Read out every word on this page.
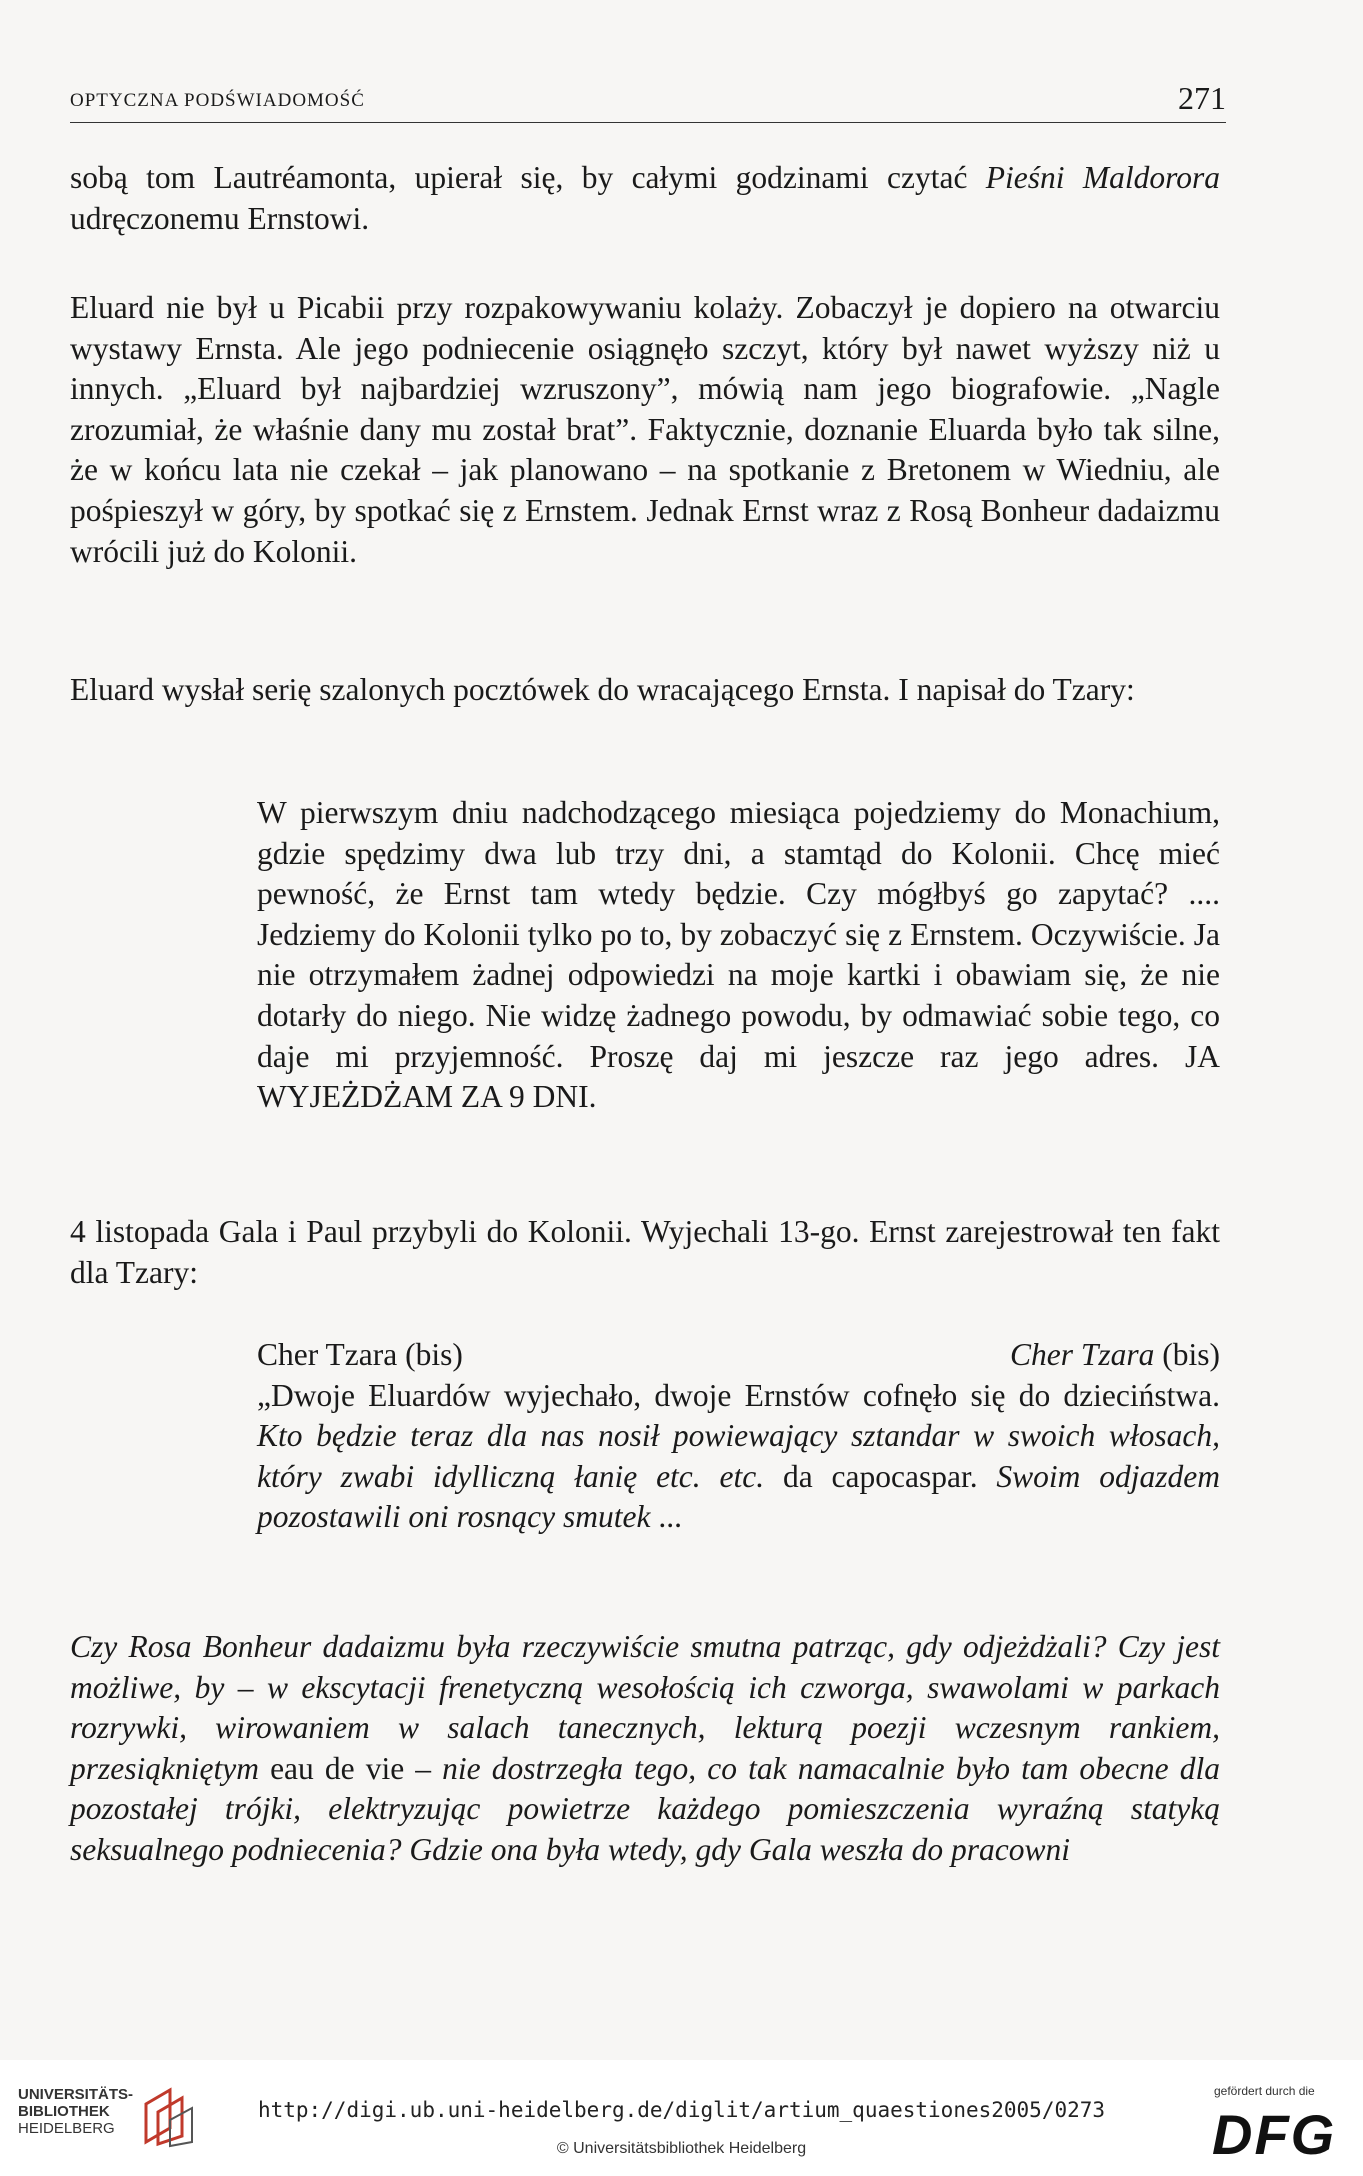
OPTYCZNA PODŚWIADOMOŚĆ	271

sobą tom Lautréamonta, upierał się, by całymi godzinami czytać Pieśni Maldorora udręczonemu Ernstowi.

Eluard nie był u Picabii przy rozpakowywaniu kolaży. Zobaczył je dopiero na otwarciu wystawy Ernsta. Ale jego podniecenie osiągnęło szczyt, który był nawet wyższy niż u innych. „Eluard był najbardziej wzruszony”, mówią nam jego biografowie. „Nagle zrozumiał, że właśnie dany mu został brat”. Faktycznie, doznanie Eluarda było tak silne, że w końcu lata nie czekał – jak planowano – na spotkanie z Bretonem w Wiedniu, ale pośpieszył w góry, by spotkać się z Ernstem. Jednak Ernst wraz z Rosą Bonheur dadaizmu wrócili już do Kolonii.

Eluard wysłał serię szalonych pocztówek do wracającego Ernsta. I napisał do Tzary:

W pierwszym dniu nadchodzącego miesiąca pojedziemy do Monachium, gdzie spędzimy dwa lub trzy dni, a stamtąd do Kolonii. Chcę mieć pewność, że Ernst tam wtedy będzie. Czy mógłbyś go zapytać? .... Jedziemy do Kolonii tylko po to, by zobaczyć się z Ernstem. Oczywiście. Ja nie otrzymałem żadnej odpowiedzi na moje kartki i obawiam się, że nie dotarły do niego. Nie widzę żadnego powodu, by odmawiać sobie tego, co daje mi przyjemność. Proszę daj mi jeszcze raz jego adres. JA WYJEŻDŻAM ZA 9 DNI.

4 listopada Gala i Paul przybyli do Kolonii. Wyjechali 13-go. Ernst zarejestrował ten fakt dla Tzary:

Cher Tzara (bis)	Cher Tzara (bis)
„Dwoje Eluardów wyjechało, dwoje Ernstów cofnęło się do dzieciństwa. Kto będzie teraz dla nas nosił powiewający sztandar w swoich włosach, który zwabi idylliczną łanię etc. etc. da capocaspar. Swoim odjazdem pozostawili oni rosnący smutek ...

Czy Rosa Bonheur dadaizmu była rzeczywiście smutna patrząc, gdy odjeżdżali? Czy jest możliwe, by – w ekscytacji frenetyczną wesołością ich czworga, swawolami w parkach rozrywki, wirowaniem w salach tanecznych, lekturą poezji wczesnym rankiem, przesiąkniętym eau de vie – nie dostrzegła tego, co tak namacalnie było tam obecne dla pozostałej trójki, elektryzując powietrze każdego pomieszczenia wyraźną statyką seksualnego podniecenia? Gdzie ona była wtedy, gdy Gala weszła do pracowni

UNIVERSITÄTS-
BIBLIOTHEK
HEIDELBERG
http://digi.ub.uni-heidelberg.de/diglit/artium_quaestiones2005/0273
© Universitätsbibliothek Heidelberg
gefördert durch die
DFG
